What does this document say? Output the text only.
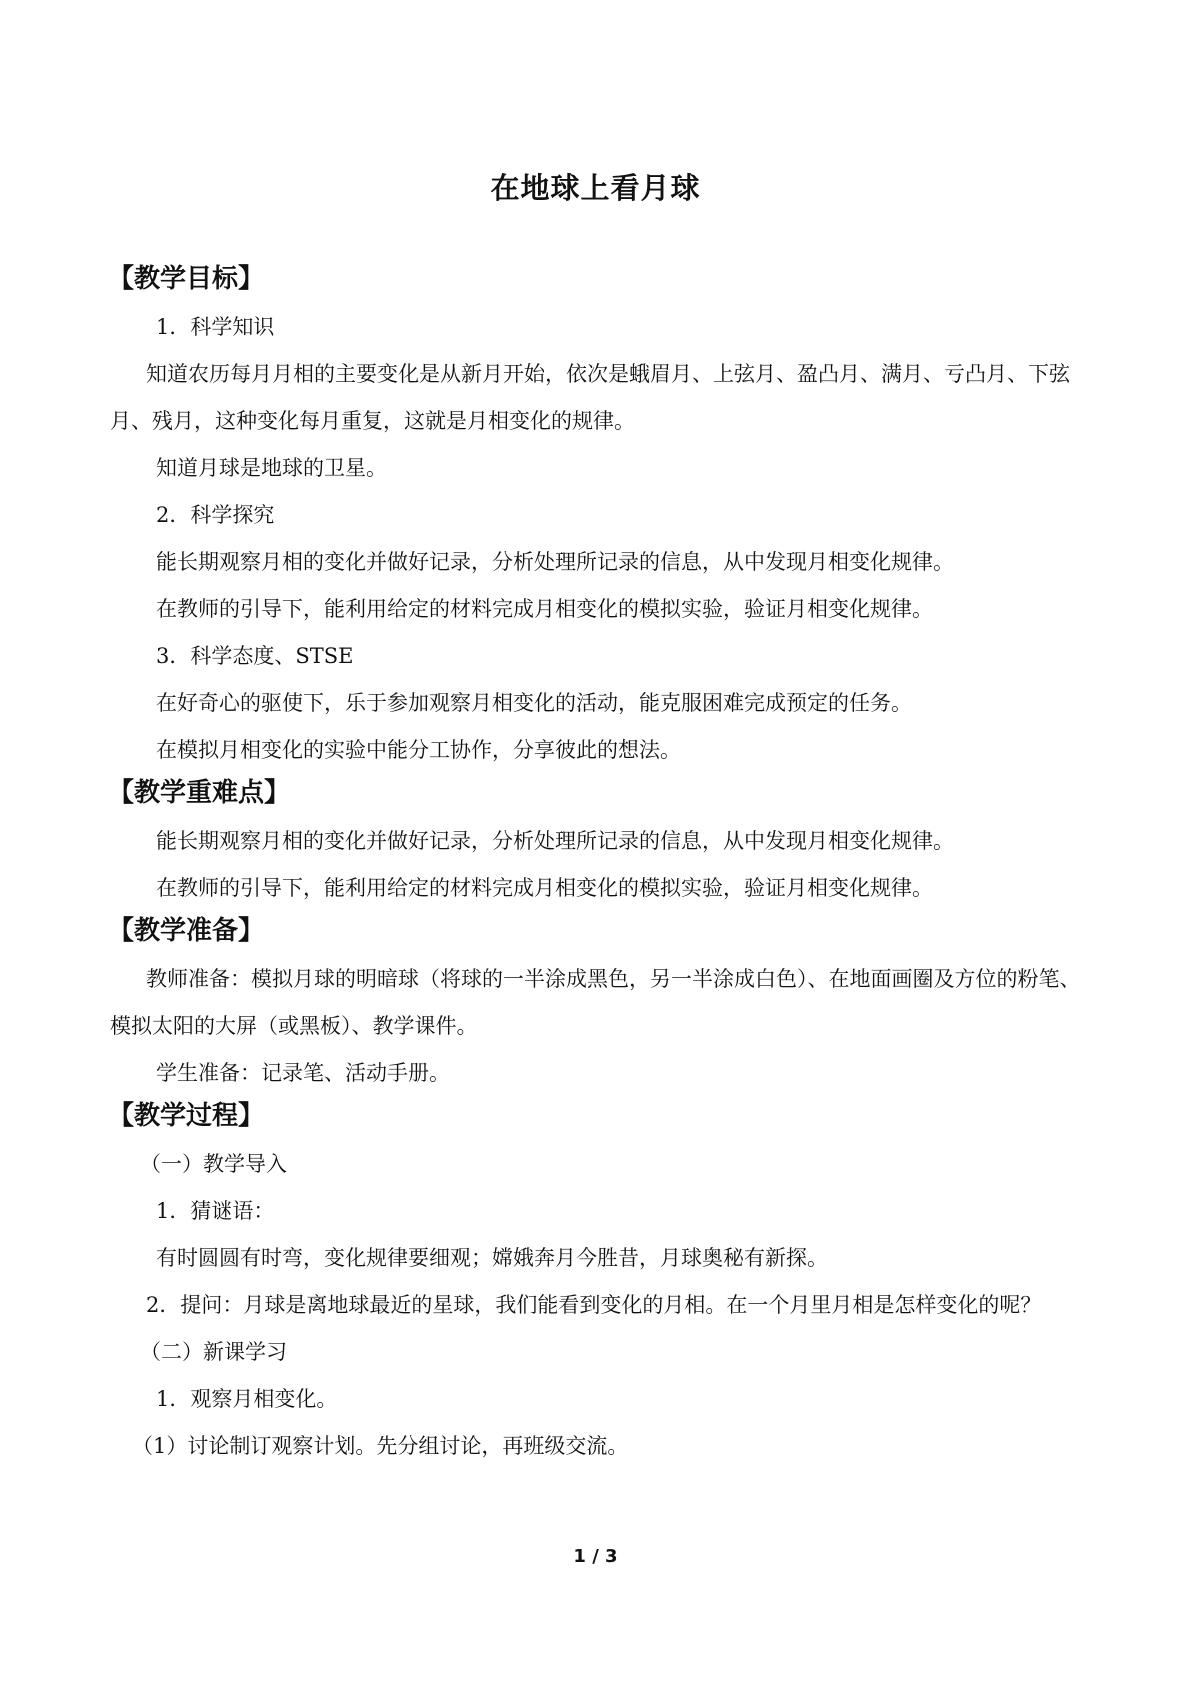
在地球上看月球
【教学目标】

1．科学知识

知道农历每月月相的主要变化是从新月开始，依次是蛾眉月、上弦月、盈凸月、满月、亏凸月、下弦月、残月，这种变化每月重复，这就是月相变化的规律。

知道月球是地球的卫星。

2．科学探究

能长期观察月相的变化并做好记录，分析处理所记录的信息，从中发现月相变化规律。

在教师的引导下，能利用给定的材料完成月相变化的模拟实验，验证月相变化规律。

3．科学态度、STSE

在好奇心的驱使下，乐于参加观察月相变化的活动，能克服困难完成预定的任务。

在模拟月相变化的实验中能分工协作，分享彼此的想法。

【教学重难点】

能长期观察月相的变化并做好记录，分析处理所记录的信息，从中发现月相变化规律。

在教师的引导下，能利用给定的材料完成月相变化的模拟实验，验证月相变化规律。

【教学准备】

教师准备：模拟月球的明暗球（将球的一半涂成黑色，另一半涂成白色）、在地面画圈及方位的粉笔、模拟太阳的大屏（或黑板）、教学课件。

学生准备：记录笔、活动手册。

【教学过程】

（一）教学导入

1．猜谜语：

有时圆圆有时弯，变化规律要细观；嫦娥奔月今胜昔，月球奥秘有新探。

2．提问：月球是离地球最近的星球，我们能看到变化的月相。在一个月里月相是怎样变化的呢？

（二）新课学习

1．观察月相变化。

（1）讨论制订观察计划。先分组讨论，再班级交流。

1 / 3
